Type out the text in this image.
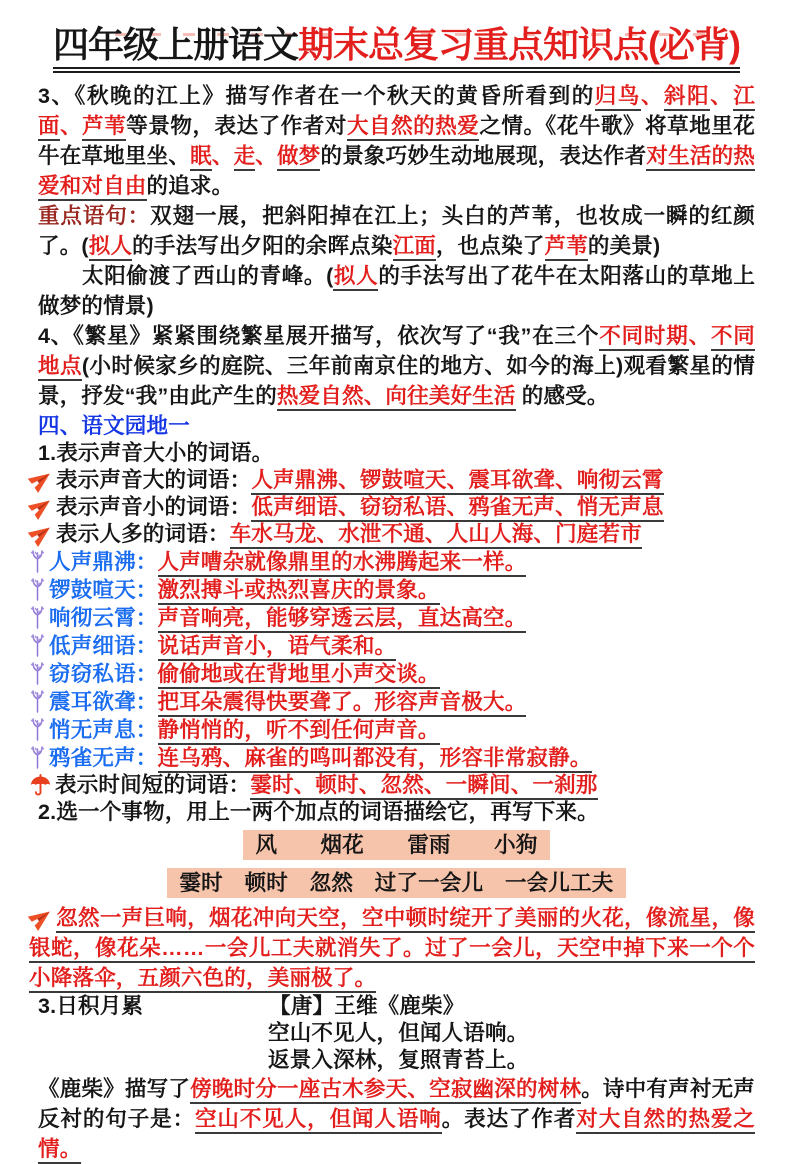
四年级上册语文期末总复习重点知识点(必背)
3、《秋晚的江上》描写作者在一个秋天的黄昏所看到的归鸟、斜阳、江面、芦苇等景物，表达了作者对大自然的热爱之情。《花牛歌》将草地里花牛在草地里坐、眠、走、做梦的景象巧妙生动地展现，表达作者对生活的热爱和对自由的追求。
重点语句：双翅一展，把斜阳掉在江上；头白的芦苇，也妆成一瞬的红颜了。(拟人的手法写出夕阳的余晖点染江面，也点染了芦苇的美景)
太阳偷渡了西山的青峰。(拟人的手法写出了花牛在太阳落山的草地上做梦的情景)
4、《繁星》紧紧围绕繁星展开描写，依次写了“我”在三个不同时期、不同地点(小时候家乡的庭院、三年前南京住的地方、如今的海上)观看繁星的情景，抒发“我”由此产生的热爱自然、向往美好生活 的感受。
四、语文园地一
1.表示声音大小的词语。
表示声音大的词语：人声鼎沸、锣鼓喧天、震耳欲聋、响彻云霄
表示声音小的词语：低声细语、窃窃私语、鸦雀无声、悄无声息
表示人多的词语：车水马龙、水泄不通、人山人海、门庭若市
人声鼎沸：人声嘈杂就像鼎里的水沸腾起来一样。
锣鼓喧天：激烈搏斗或热烈喜庆的景象。
响彻云霄：声音响亮，能够穿透云层，直达高空。
低声细语：说话声音小，语气柔和。
窃窃私语：偷偷地或在背地里小声交谈。
震耳欲聋：把耳朵震得快要聋了。形容声音极大。
悄无声息：静悄悄的，听不到任何声音。
鸦雀无声：连乌鸦、麻雀的鸣叫都没有，形容非常寂静。
表示时间短的词语：霎时、顿时、忽然、一瞬间、一刹那
2.选一个事物，用上一两个加点的词语描绘它，再写下来。
风　　烟花　　雷雨　　小狗
霎时　顿时　忽然　过了一会儿　一会儿工夫
忽然一声巨响，烟花冲向天空，空中顿时绽开了美丽的火花，像流星，像银蛇，像花朵……一会儿工夫就消失了。过了一会儿，天空中掉下来一个个小降落伞，五颜六色的，美丽极了。
3.日积月累	【唐】王维《鹿柴》
空山不见人，但闻人语响。
返景入深林，复照青苔上。
《鹿柴》描写了傍晚时分一座古木参天、空寂幽深的树林。诗中有声衬无声反衬的句子是：空山不见人，但闻人语响。表达了作者对大自然的热爱之情。
